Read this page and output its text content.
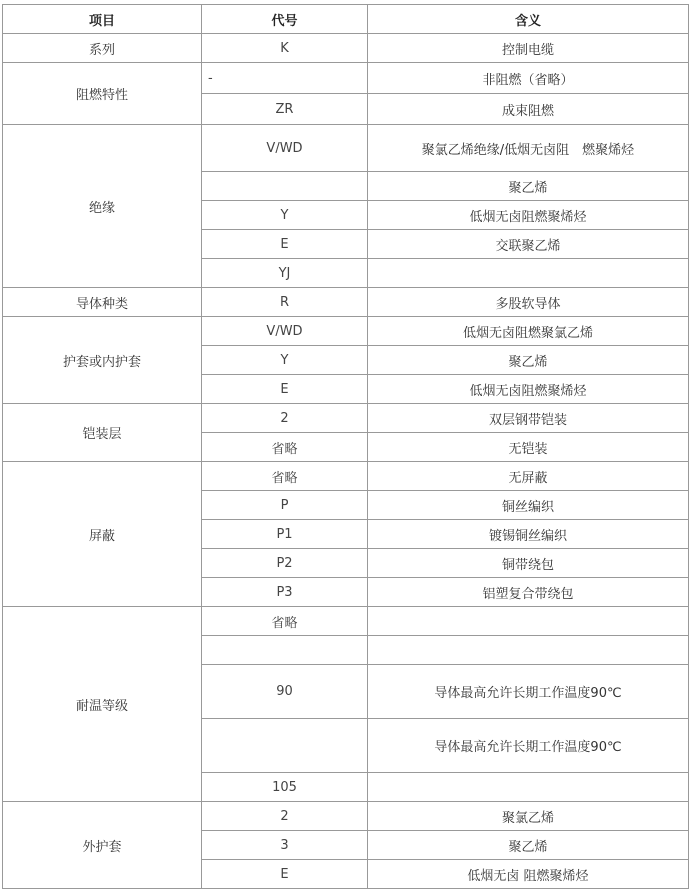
项目	代号	含义
系列	K	控制电缆
阻燃特性	-	非阻燃（省略）
	ZR	成束阻燃
绝缘	V/WD	聚氯乙烯绝缘/低烟无卤阻　燃聚烯烃
		聚乙烯
	Y	低烟无卤阻燃聚烯烃
	E	交联聚乙烯
	YJ	
导体种类	R	多股软导体
护套或内护套	V/WD	低烟无卤阻燃聚氯乙烯
	Y	聚乙烯
	E	低烟无卤阻燃聚烯烃
铠装层	2	双层钢带铠装
	省略	无铠装
屏蔽	省略	无屏蔽
	P	铜丝编织
	P1	镀锡铜丝编织
	P2	铜带绕包
	P3	铝塑复合带绕包
耐温等级	省略	

	90	导体最高允许长期工作温度90℃
		导体最高允许长期工作温度90℃
	105	
外护套	2	聚氯乙烯
	3	聚乙烯
	E	低烟无卤 阻燃聚烯烃
